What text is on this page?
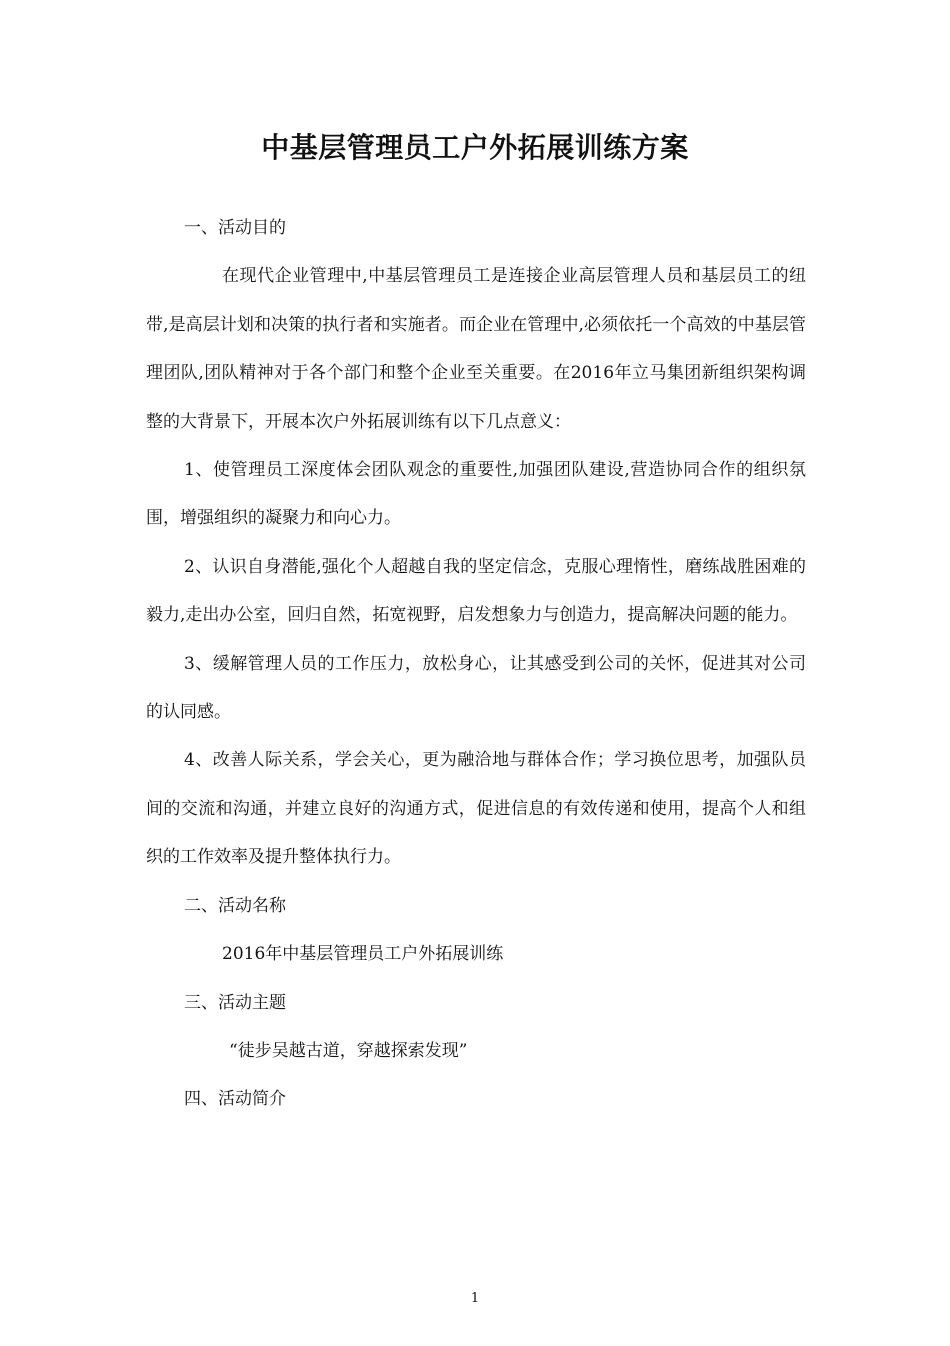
中基层管理员工户外拓展训练方案

一、活动目的

在现代企业管理中,中基层管理员工是连接企业高层管理人员和基层员工的纽带,是高层计划和决策的执行者和实施者。而企业在管理中,必须依托一个高效的中基层管理团队,团队精神对于各个部门和整个企业至关重要。在2016年立马集团新组织架构调整的大背景下，开展本次户外拓展训练有以下几点意义：

1、使管理员工深度体会团队观念的重要性,加强团队建设,营造协同合作的组织氛围，增强组织的凝聚力和向心力。

2、认识自身潜能,强化个人超越自我的坚定信念，克服心理惰性，磨练战胜困难的毅力,走出办公室，回归自然，拓宽视野，启发想象力与创造力，提高解决问题的能力。

3、缓解管理人员的工作压力，放松身心，让其感受到公司的关怀，促进其对公司的认同感。

4、改善人际关系，学会关心，更为融洽地与群体合作；学习换位思考，加强队员间的交流和沟通，并建立良好的沟通方式，促进信息的有效传递和使用，提高个人和组织的工作效率及提升整体执行力。

二、活动名称

2016年中基层管理员工户外拓展训练

三、活动主题

“徒步吴越古道，穿越探索发现”

四、活动简介

1
